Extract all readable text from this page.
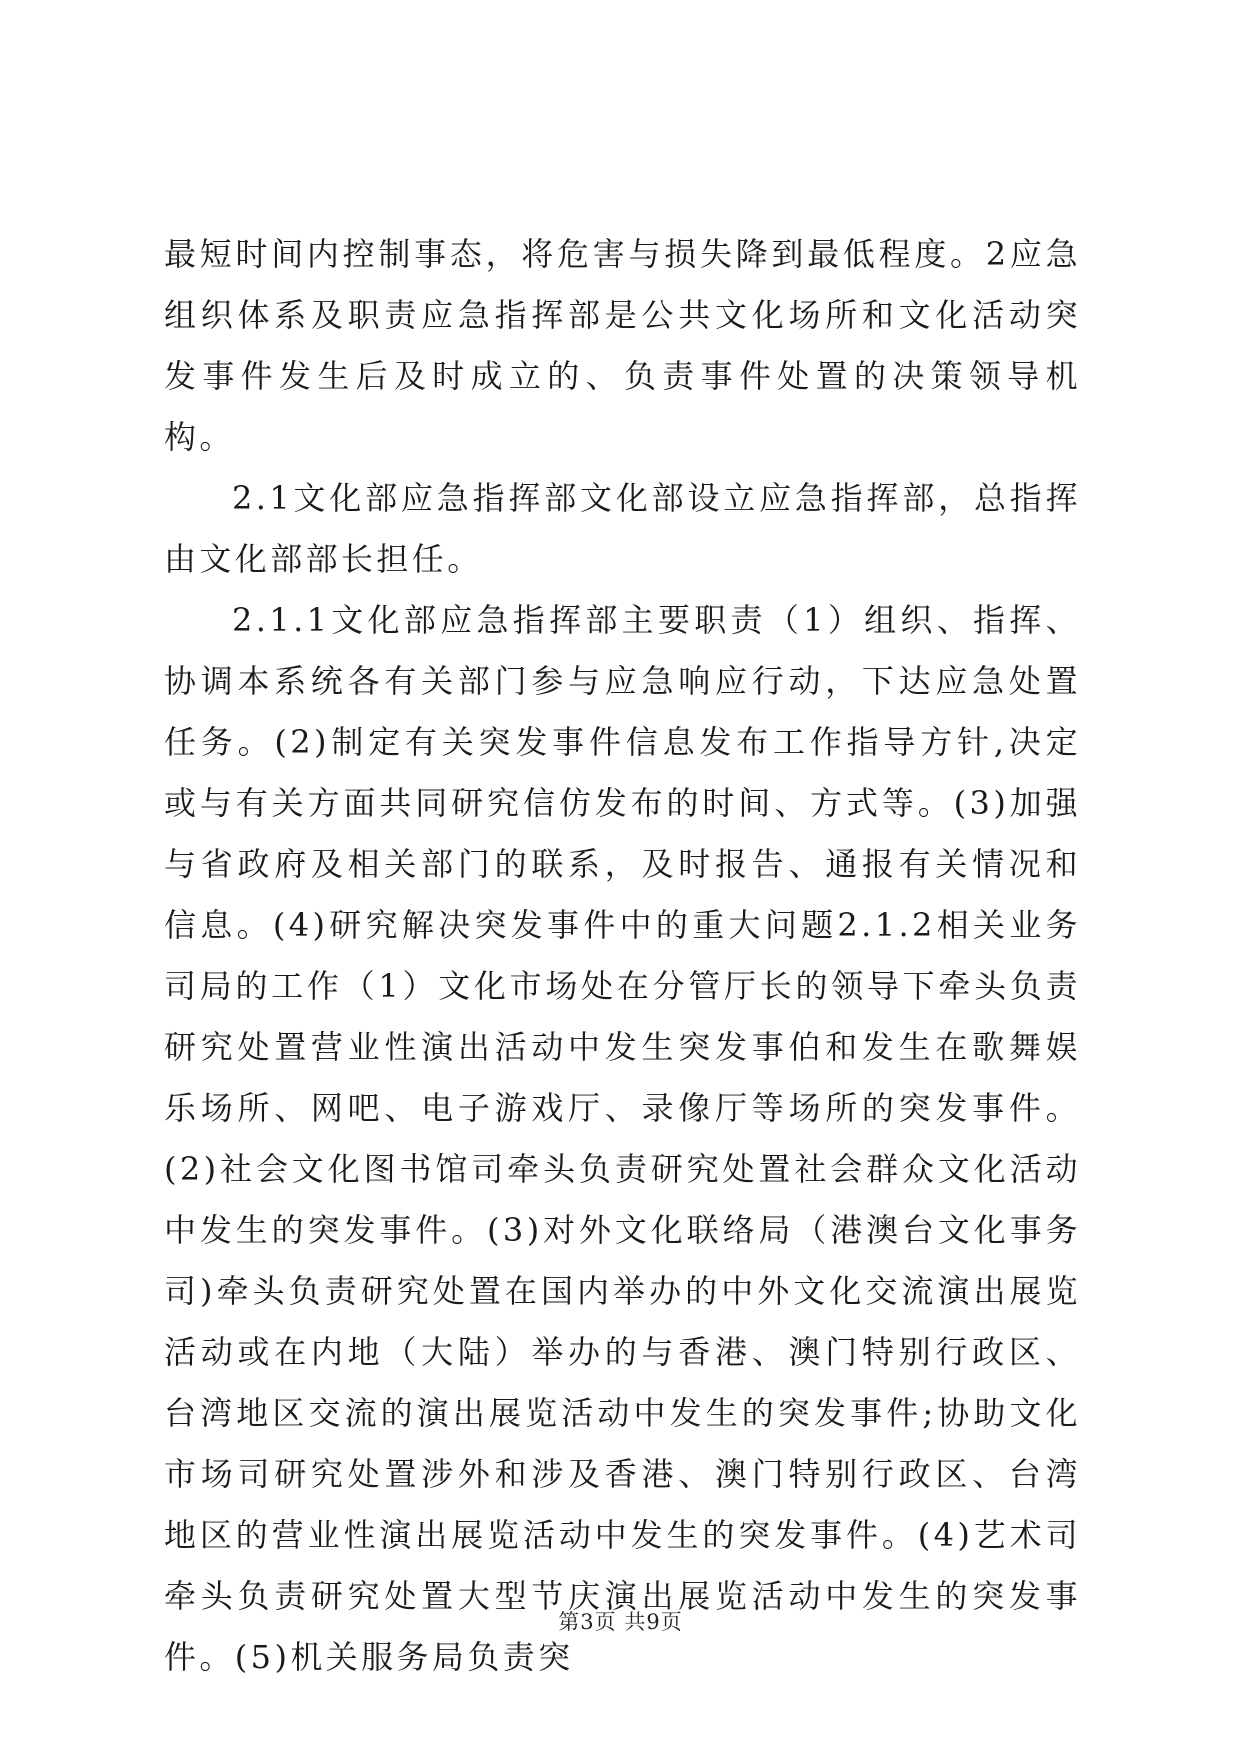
最短时间内控制事态，将危害与损失降到最低程度。2应急组织体系及职责应急指挥部是公共文化场所和文化活动突发事件发生后及时成立的、负责事件处置的决策领导机构。

2.1文化部应急指挥部文化部设立应急指挥部，总指挥由文化部部长担任。

2.1.1文化部应急指挥部主要职责（1）组织、指挥、协调本系统各有关部门参与应急响应行动，下达应急处置任务。(2)制定有关突发事件信息发布工作指导方针,决定或与有关方面共同研究信仿发布的时间、方式等。(3)加强与省政府及相关部门的联系，及时报告、通报有关情况和信息。(4)研究解决突发事件中的重大问题2.1.2相关业务司局的工作（1）文化市场处在分管厅长的领导下牵头负责研究处置营业性演出活动中发生突发事伯和发生在歌舞娱乐场所、网吧、电子游戏厅、录像厅等场所的突发事件。(2)社会文化图书馆司牵头负责研究处置社会群众文化活动中发生的突发事件。(3)对外文化联络局（港澳台文化事务司)牵头负责研究处置在国内举办的中外文化交流演出展览活动或在内地（大陆）举办的与香港、澳门特别行政区、台湾地区交流的演出展览活动中发生的突发事件;协助文化市场司研究处置涉外和涉及香港、澳门特别行政区、台湾地区的营业性演出展览活动中发生的突发事件。(4)艺术司牵头负责研究处置大型节庆演出展览活动中发生的突发事件。(5)机关服务局负责突

第3页 共9页
